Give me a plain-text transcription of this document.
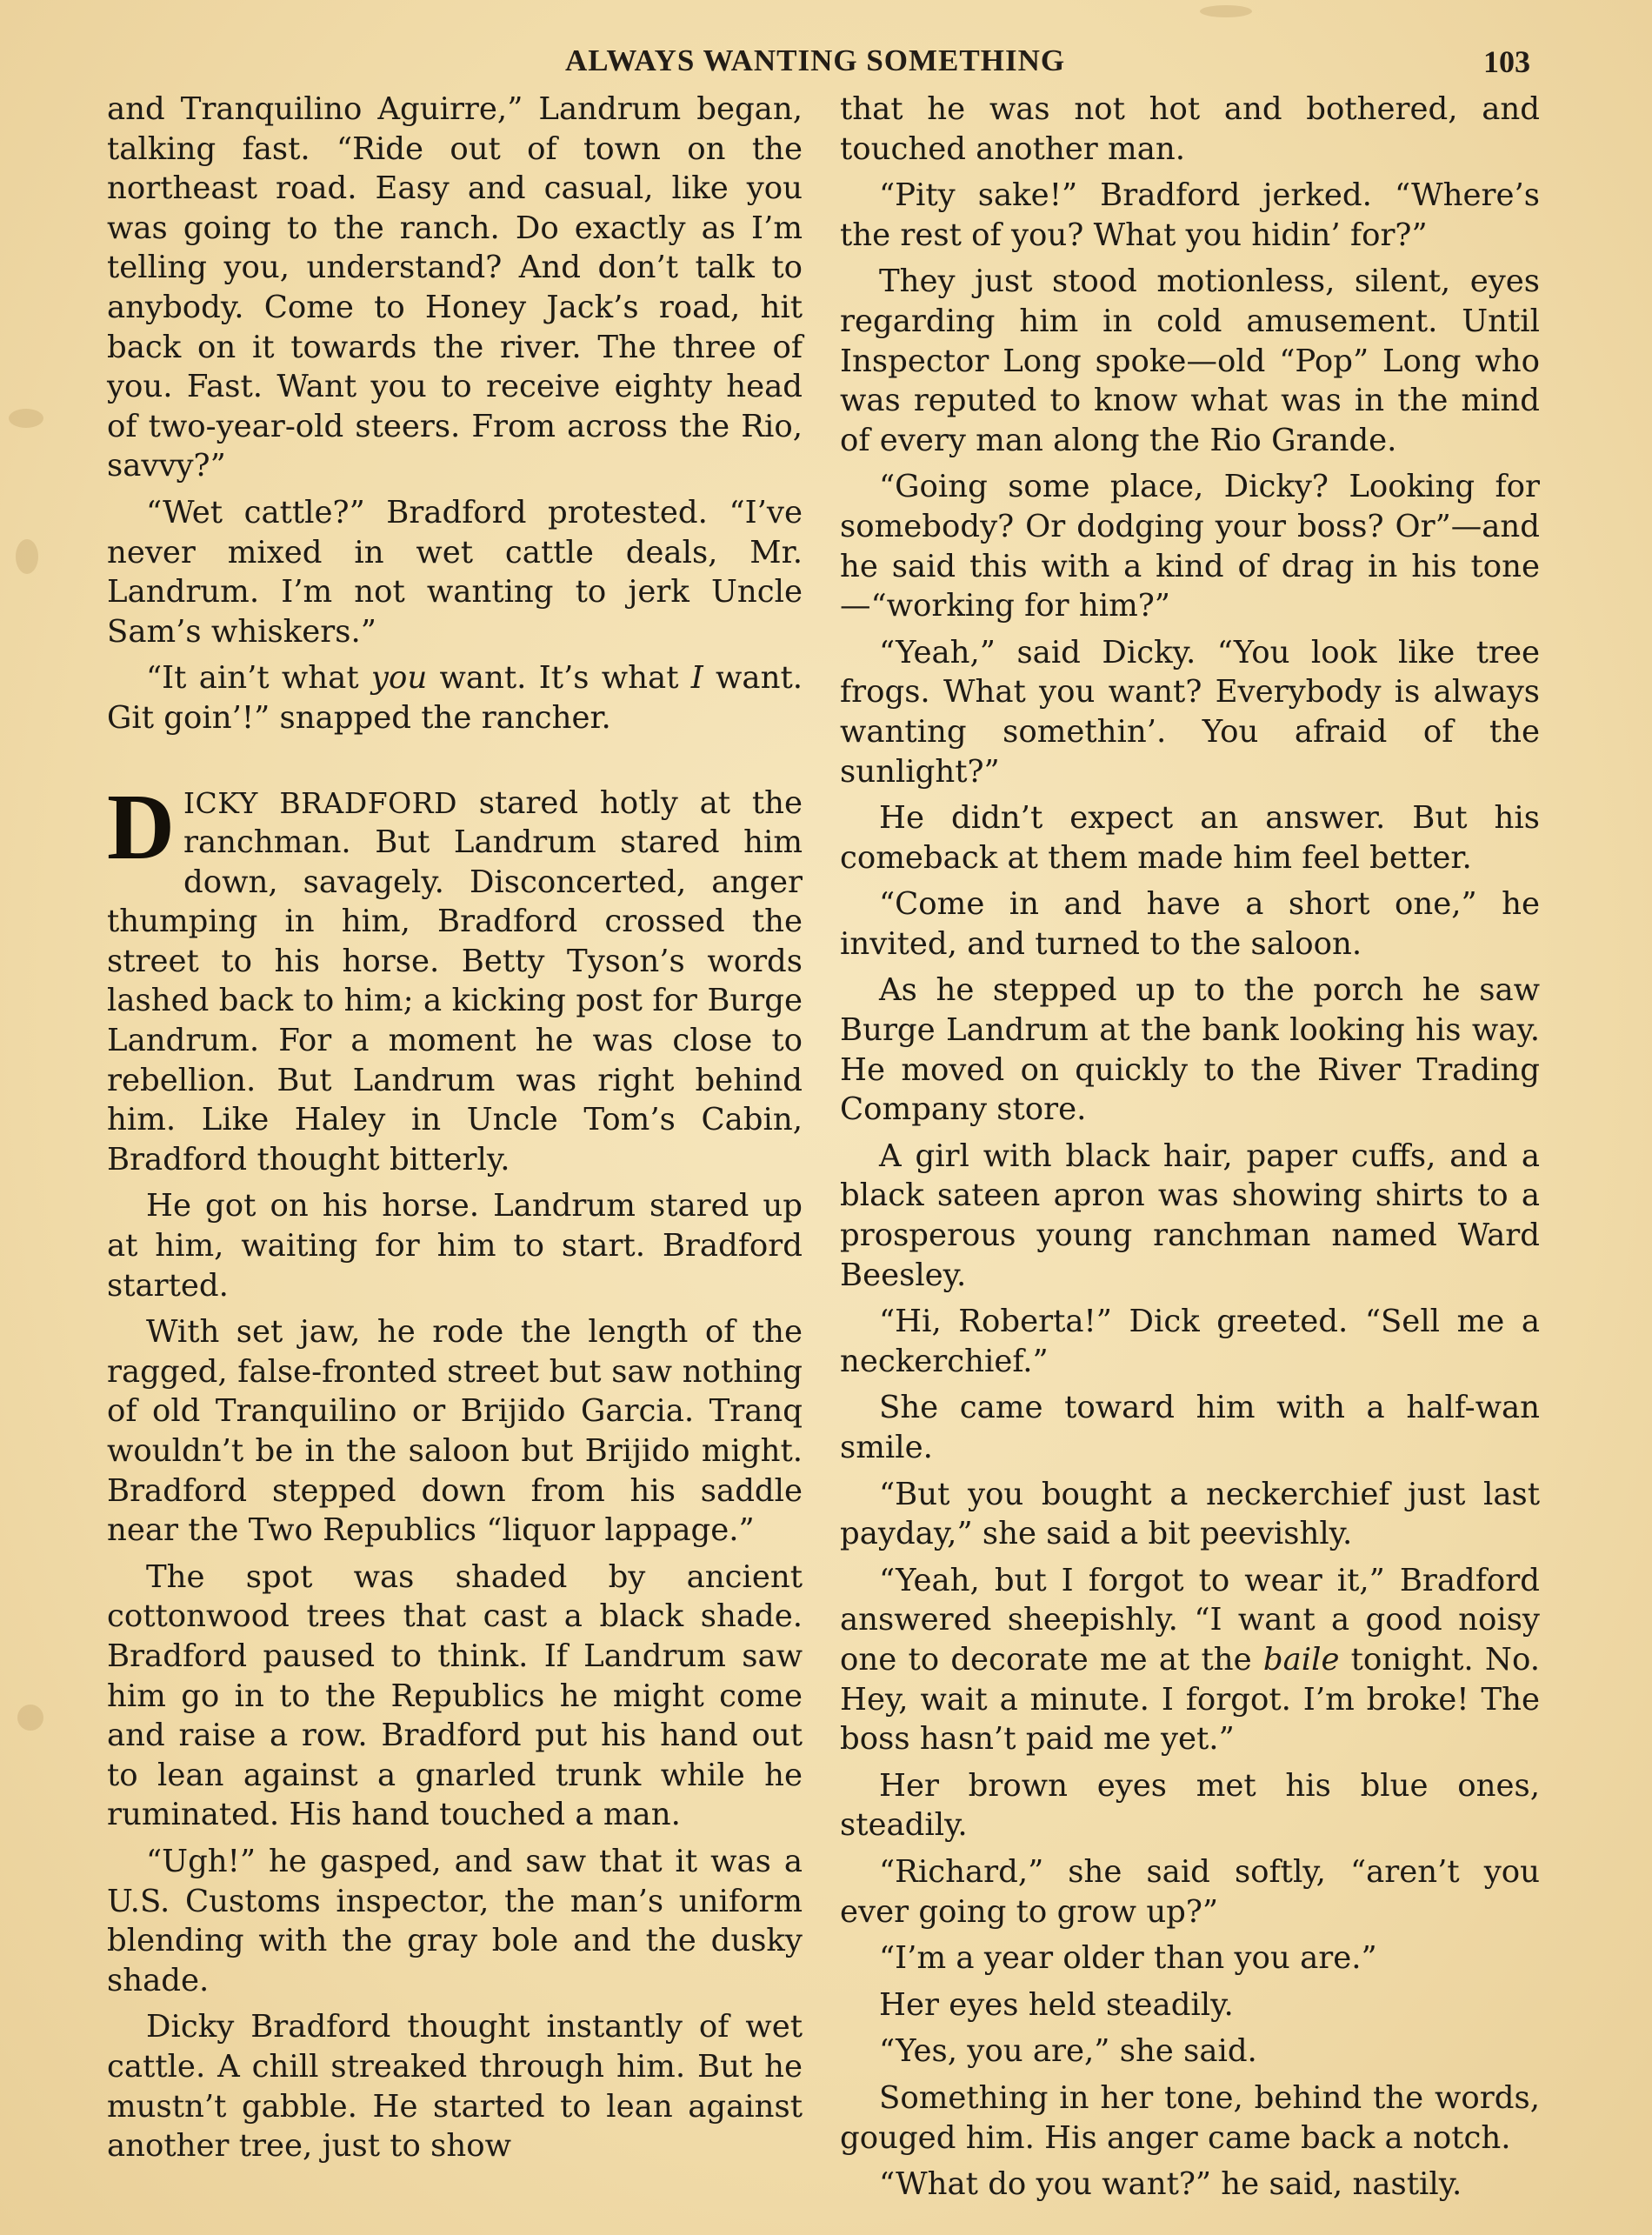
ALWAYS WANTING SOMETHING	103

and Tranquilino Aguirre,” Landrum began, talking fast. “Ride out of town on the northeast road. Easy and casual, like you was going to the ranch. Do exactly as I’m telling you, understand? And don’t talk to anybody. Come to Honey Jack’s road, hit back on it towards the river. The three of you. Fast. Want you to receive eighty head of two-year-old steers. From across the Rio, savvy?”

“Wet cattle?” Bradford protested. “I’ve never mixed in wet cattle deals, Mr. Landrum. I’m not wanting to jerk Uncle Sam’s whiskers.”

“It ain’t what you want. It’s what I want. Git goin’!” snapped the rancher.

DICKY BRADFORD stared hotly at the ranchman. But Landrum stared him down, savagely. Disconcerted, anger thumping in him, Bradford crossed the street to his horse. Betty Tyson’s words lashed back to him; a kicking post for Burge Landrum. For a moment he was close to rebellion. But Landrum was right behind him. Like Haley in Uncle Tom’s Cabin, Bradford thought bitterly.

He got on his horse. Landrum stared up at him, waiting for him to start. Bradford started.

With set jaw, he rode the length of the ragged, false-fronted street but saw nothing of old Tranquilino or Brijido Garcia. Tranq wouldn’t be in the saloon but Brijido might. Bradford stepped down from his saddle near the Two Republics “liquor lappage.”

The spot was shaded by ancient cottonwood trees that cast a black shade. Bradford paused to think. If Landrum saw him go in to the Republics he might come and raise a row. Bradford put his hand out to lean against a gnarled trunk while he ruminated. His hand touched a man.

“Ugh!” he gasped, and saw that it was a U.S. Customs inspector, the man’s uniform blending with the gray bole and the dusky shade.

Dicky Bradford thought instantly of wet cattle. A chill streaked through him. But he mustn’t gabble. He started to lean against another tree, just to show

that he was not hot and bothered, and touched another man.

“Pity sake!” Bradford jerked. “Where’s the rest of you? What you hidin’ for?”

They just stood motionless, silent, eyes regarding him in cold amusement. Until Inspector Long spoke—old “Pop” Long who was reputed to know what was in the mind of every man along the Rio Grande.

“Going some place, Dicky? Looking for somebody? Or dodging your boss? Or”—and he said this with a kind of drag in his tone—“working for him?”

“Yeah,” said Dicky. “You look like tree frogs. What you want? Everybody is always wanting somethin’. You afraid of the sunlight?”

He didn’t expect an answer. But his comeback at them made him feel better.

“Come in and have a short one,” he invited, and turned to the saloon.

As he stepped up to the porch he saw Burge Landrum at the bank looking his way. He moved on quickly to the River Trading Company store.

A girl with black hair, paper cuffs, and a black sateen apron was showing shirts to a prosperous young ranchman named Ward Beesley.

“Hi, Roberta!” Dick greeted. “Sell me a neckerchief.”

She came toward him with a half-wan smile.

“But you bought a neckerchief just last payday,” she said a bit peevishly.

“Yeah, but I forgot to wear it,” Bradford answered sheepishly. “I want a good noisy one to decorate me at the baile tonight. No. Hey, wait a minute. I forgot. I’m broke! The boss hasn’t paid me yet.”

Her brown eyes met his blue ones, steadily.

“Richard,” she said softly, “aren’t you ever going to grow up?”

“I’m a year older than you are.”

Her eyes held steadily.

“Yes, you are,” she said.

Something in her tone, behind the words, gouged him. His anger came back a notch.

“What do you want?” he said, nastily.
